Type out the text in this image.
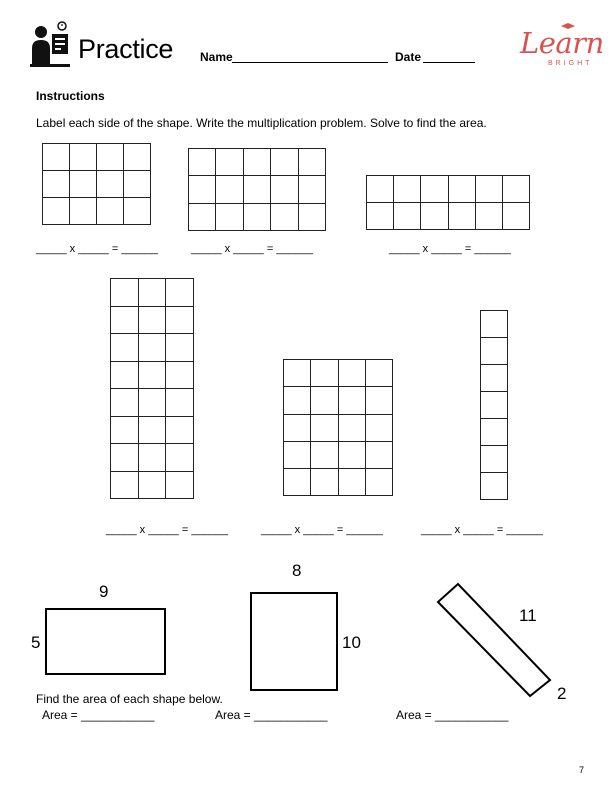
Practice Name	Date	Learn
BRIGHT
Instructions
Label each side of the shape. Write the multiplication problem. Solve to find the area.

_____ x _____ = ______	_____ x _____ = ______	_____ x _____ = ______
_____ x _____ = ______	_____ x _____ = ______	_____ x _____ = ______
9
5
8
10
11
2
Find the area of each shape below.
Area = ___________	Area = ___________	Area = ___________
7
